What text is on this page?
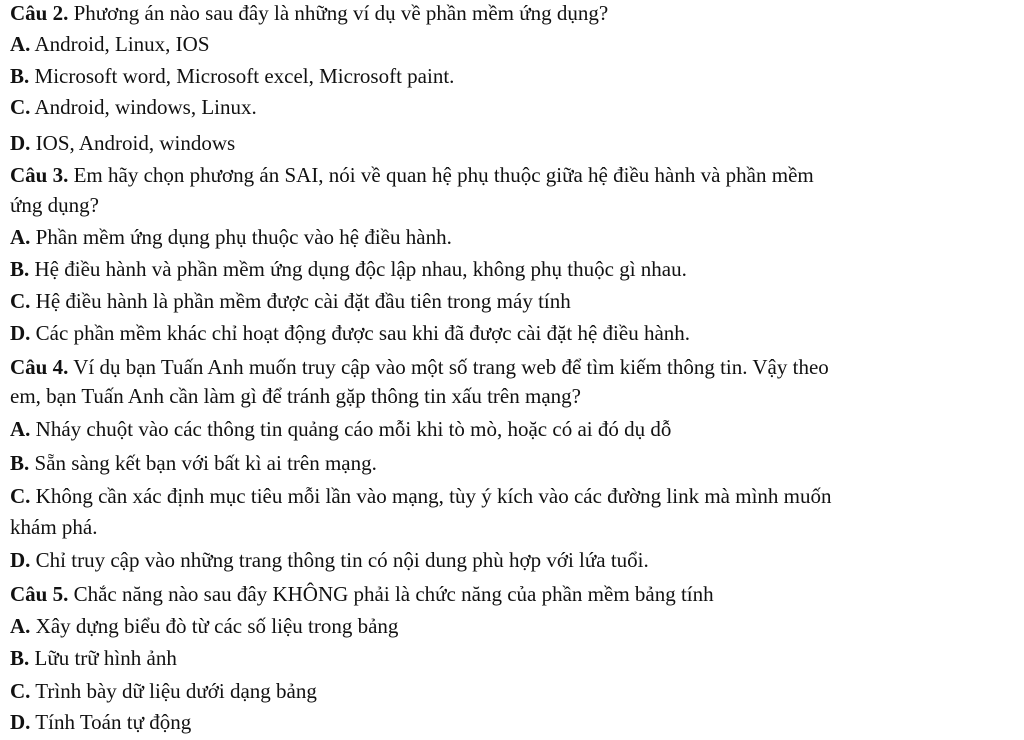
Câu 2. Phương án nào sau đây là những ví dụ về phần mềm ứng dụng?
A. Android, Linux, IOS
B. Microsoft word, Microsoft excel, Microsoft paint.
C. Android, windows, Linux.
D. IOS, Android, windows
Câu 3. Em hãy chọn phương án SAI, nói về quan hệ phụ thuộc giữa hệ điều hành và phần mềm
ứng dụng?
A. Phần mềm ứng dụng phụ thuộc vào hệ điều hành.
B. Hệ điều hành và phần mềm ứng dụng độc lập nhau, không phụ thuộc gì nhau.
C. Hệ điều hành là phần mềm được cài đặt đầu tiên trong máy tính
D. Các phần mềm khác chỉ hoạt động được sau khi đã được cài đặt hệ điều hành.
Câu 4. Ví dụ bạn Tuấn Anh muốn truy cập vào một số trang web để tìm kiếm thông tin. Vậy theo
em, bạn Tuấn Anh cần làm gì để tránh gặp thông tin xấu trên mạng?
A. Nháy chuột vào các thông tin quảng cáo mỗi khi tò mò, hoặc có ai đó dụ dỗ
B. Sẵn sàng kết bạn với bất kì ai trên mạng.
C. Không cần xác định mục tiêu mỗi lần vào mạng, tùy ý kích vào các đường link mà mình muốn
khám phá.
D. Chỉ truy cập vào những trang thông tin có nội dung phù hợp với lứa tuổi.
Câu 5. Chắc năng nào sau đây KHÔNG phải là chức năng của phần mềm bảng tính
A. Xây dựng biểu đò từ các số liệu trong bảng
B. Lữu trữ hình ảnh
C. Trình bày dữ liệu dưới dạng bảng
D. Tính Toán tự động
